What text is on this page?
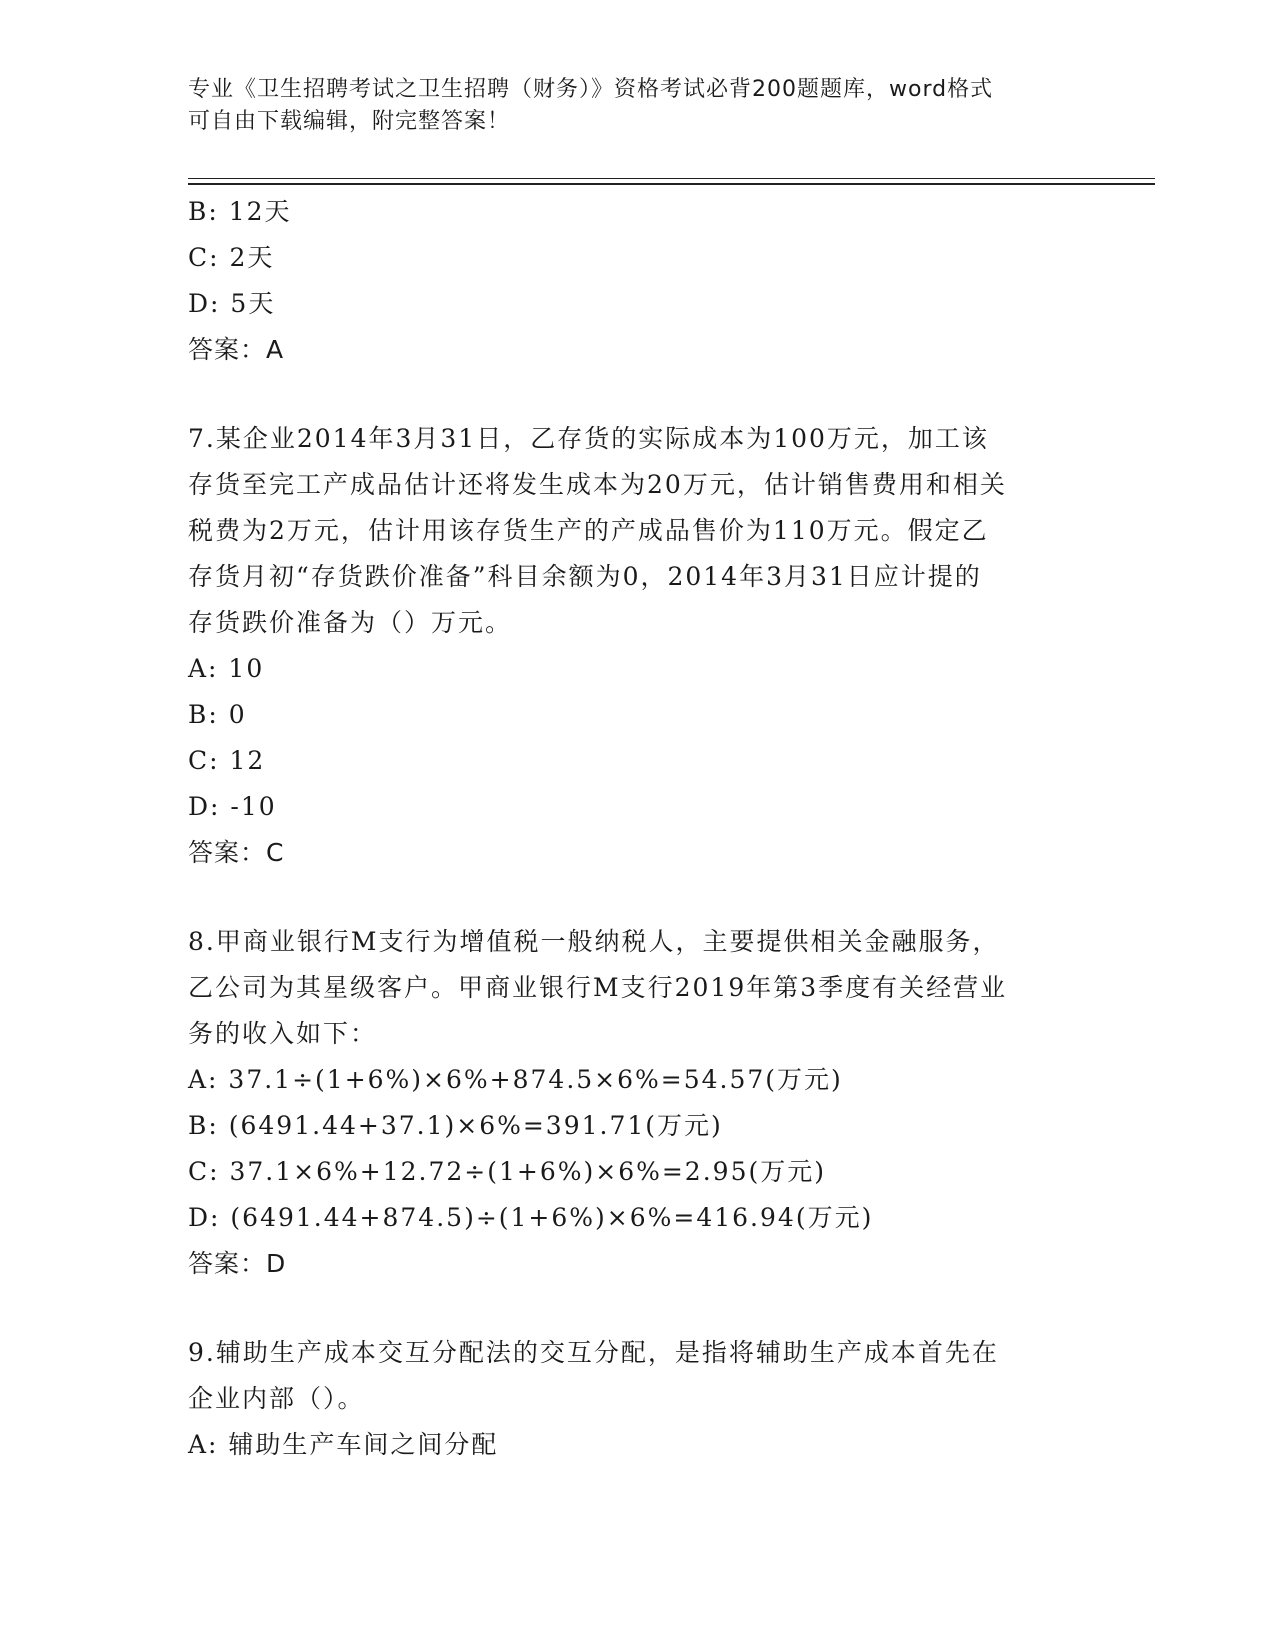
专业《卫生招聘考试之卫生招聘（财务）》资格考试必背200题题库，word格式
可自由下载编辑，附完整答案！
B: 12天
C: 2天
D: 5天
答案：A
7.某企业2014年3月31日，乙存货的实际成本为100万元，加工该
存货至完工产成品估计还将发生成本为20万元，估计销售费用和相关
税费为2万元，估计用该存货生产的产成品售价为110万元。假定乙
存货月初“存货跌价准备”科目余额为0，2014年3月31日应计提的
存货跌价准备为（）万元。
A: 10
B: 0
C: 12
D: -10
答案：C
8.甲商业银行M支行为增值税一般纳税人，主要提供相关金融服务，
乙公司为其星级客户。甲商业银行M支行2019年第3季度有关经营业
务的收入如下：
A: 37.1÷(1+6%)×6%+874.5×6%=54.57(万元)
B: (6491.44+37.1)×6%=391.71(万元)
C: 37.1×6%+12.72÷(1+6%)×6%=2.95(万元)
D: (6491.44+874.5)÷(1+6%)×6%=416.94(万元)
答案：D
9.辅助生产成本交互分配法的交互分配，是指将辅助生产成本首先在
企业内部（）。
A: 辅助生产车间之间分配
